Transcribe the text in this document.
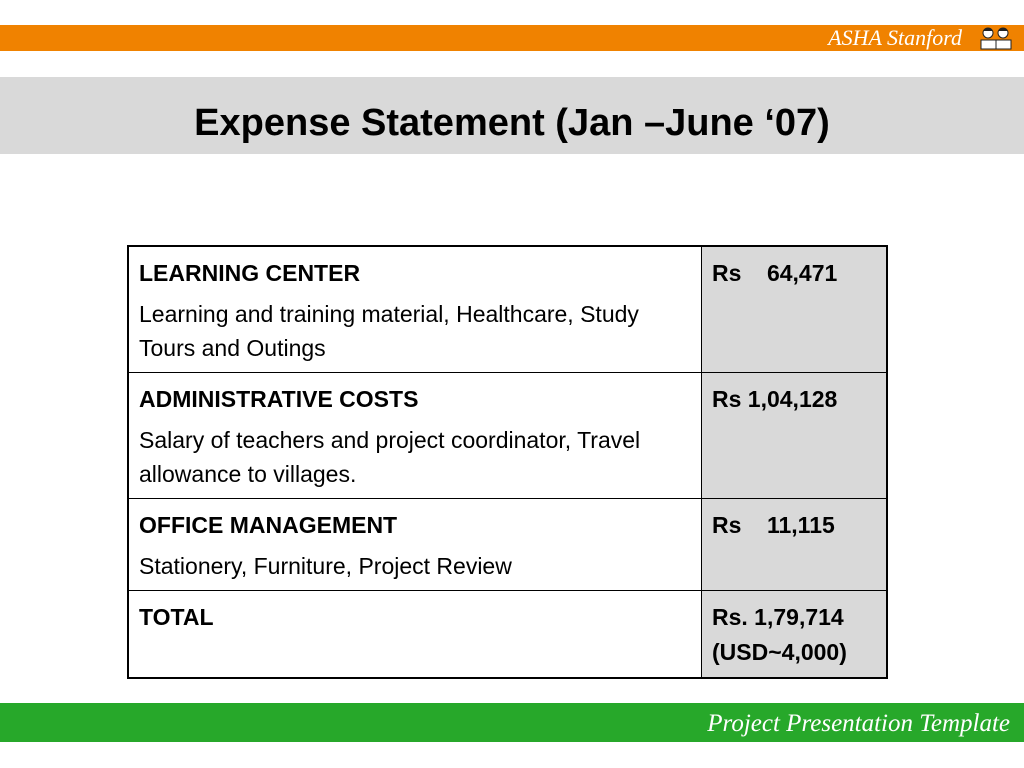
ASHA Stanford
Expense Statement (Jan –June ‘07)
LEARNING CENTER
Learning and training material, Healthcare, Study Tours and Outings	Rs    64,471

ADMINISTRATIVE COSTS
Salary of teachers and project coordinator, Travel allowance to villages.	Rs 1,04,128

OFFICE MANAGEMENT
Stationery, Furniture, Project Review	Rs    11,115

TOTAL	Rs. 1,79,714
(USD~4,000)
Project Presentation Template
